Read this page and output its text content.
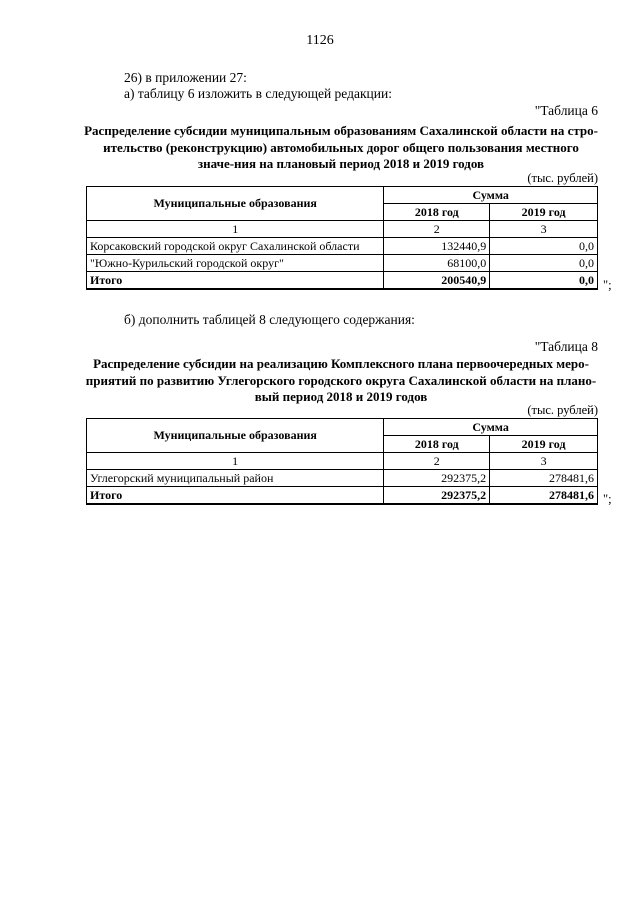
1126
26) в приложении 27:
а) таблицу 6 изложить в следующей редакции:
"Таблица 6
Распределение субсидии муниципальным образованиям Сахалинской области на стро-ительство (реконструкцию) автомобильных дорог общего пользования местного значе-ния на плановый период 2018 и 2019 годов
(тыс. рублей)
Муниципальные образования	Сумма	
	2018 год	2019 год
1	2	3
Корсаковский городской округ Сахалинской области	132440,9	0,0
"Южно-Курильский городской округ"	68100,0	0,0
Итого	200540,9	0,0 ";
б) дополнить таблицей 8 следующего содержания:
"Таблица 8
Распределение субсидии на реализацию Комплексного плана первоочередных меро-приятий по развитию Углегорского городского округа Сахалинской области на плано-вый период 2018 и 2019 годов
(тыс. рублей)
Муниципальные образования	Сумма	
	2018 год	2019 год
1	2	3
Углегорский муниципальный район	292375,2	278481,6
Итого	292375,2	278481,6 ";
